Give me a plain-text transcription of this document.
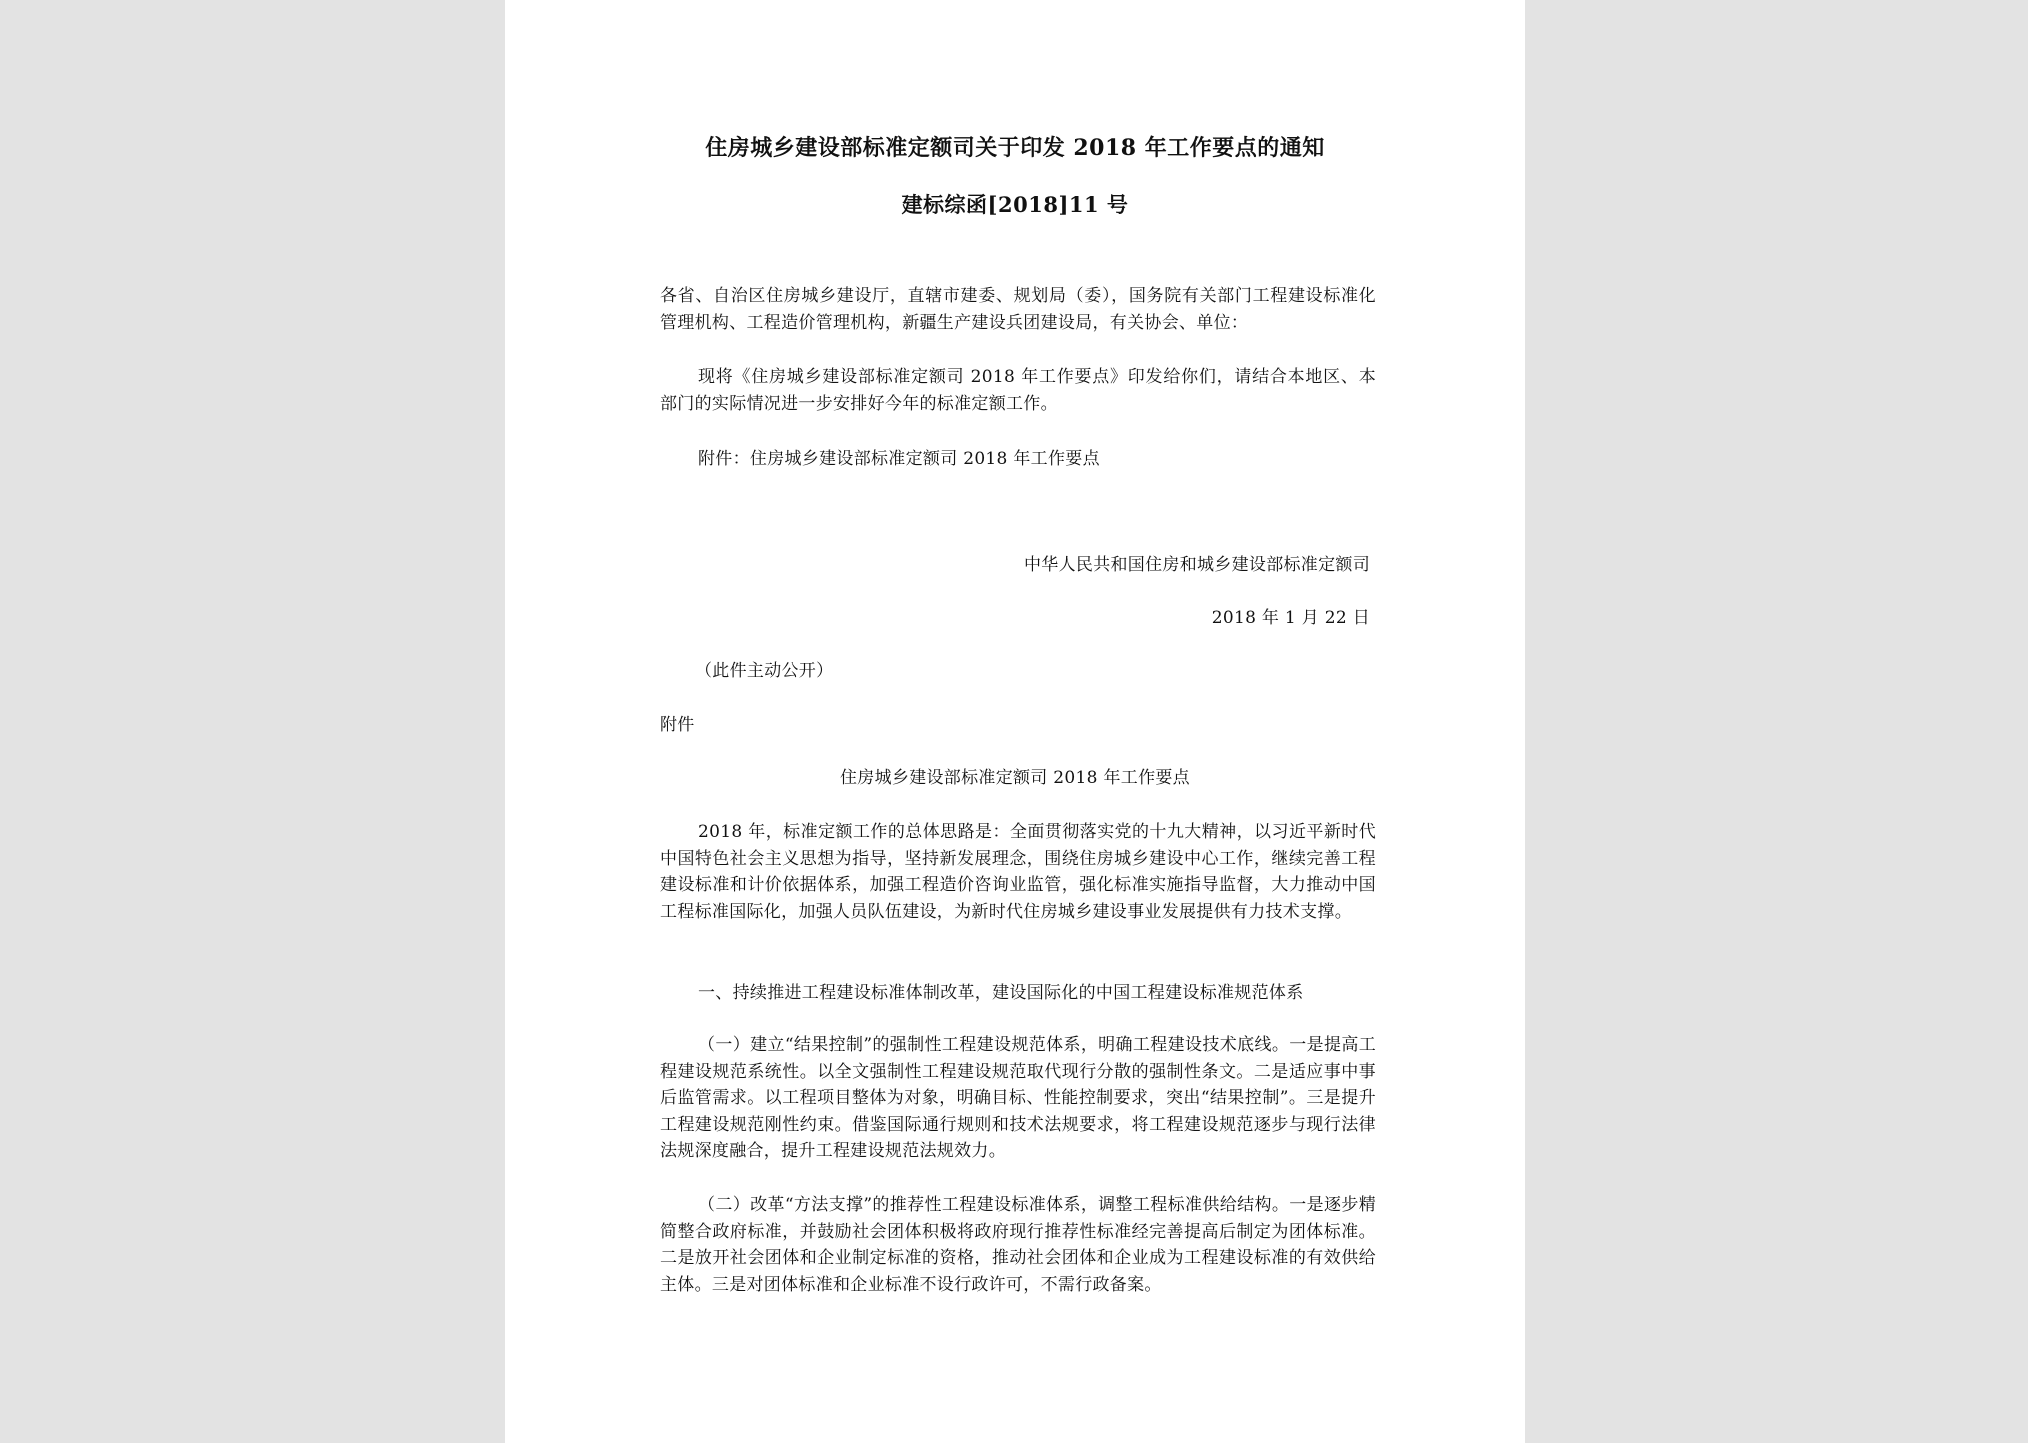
住房城乡建设部标准定额司关于印发 2018 年工作要点的通知

建标综函[2018]11 号

各省、自治区住房城乡建设厅，直辖市建委、规划局（委），国务院有关部门工程建设标准化管理机构、工程造价管理机构，新疆生产建设兵团建设局，有关协会、单位：

现将《住房城乡建设部标准定额司 2018 年工作要点》印发给你们，请结合本地区、本部门的实际情况进一步安排好今年的标准定额工作。

附件：住房城乡建设部标准定额司 2018 年工作要点

中华人民共和国住房和城乡建设部标准定额司

2018 年 1 月 22 日

（此件主动公开）

附件

住房城乡建设部标准定额司 2018 年工作要点

2018 年，标准定额工作的总体思路是：全面贯彻落实党的十九大精神，以习近平新时代中国特色社会主义思想为指导，坚持新发展理念，围绕住房城乡建设中心工作，继续完善工程建设标准和计价依据体系，加强工程造价咨询业监管，强化标准实施指导监督，大力推动中国工程标准国际化，加强人员队伍建设，为新时代住房城乡建设事业发展提供有力技术支撑。

一、持续推进工程建设标准体制改革，建设国际化的中国工程建设标准规范体系

（一）建立“结果控制”的强制性工程建设规范体系，明确工程建设技术底线。一是提高工程建设规范系统性。以全文强制性工程建设规范取代现行分散的强制性条文。二是适应事中事后监管需求。以工程项目整体为对象，明确目标、性能控制要求，突出“结果控制”。三是提升工程建设规范刚性约束。借鉴国际通行规则和技术法规要求，将工程建设规范逐步与现行法律法规深度融合，提升工程建设规范法规效力。

（二）改革“方法支撑”的推荐性工程建设标准体系，调整工程标准供给结构。一是逐步精简整合政府标准，并鼓励社会团体积极将政府现行推荐性标准经完善提高后制定为团体标准。二是放开社会团体和企业制定标准的资格，推动社会团体和企业成为工程建设标准的有效供给主体。三是对团体标准和企业标准不设行政许可，不需行政备案。
